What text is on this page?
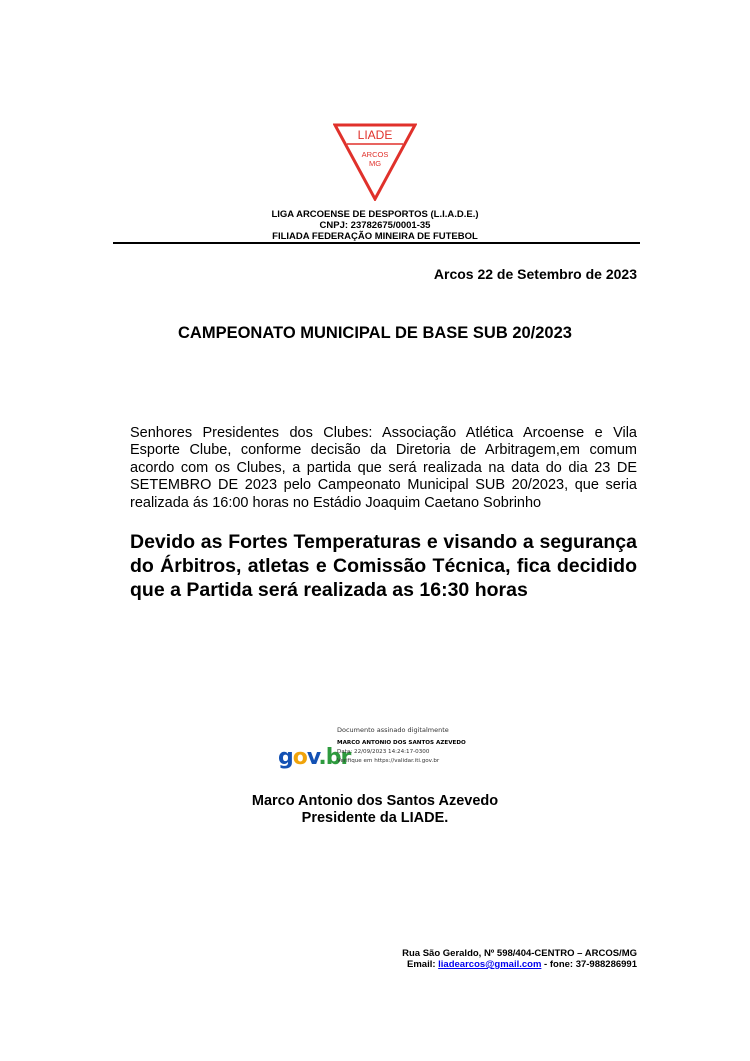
LIADE
ARCOS
MG
LIGA ARCOENSE DE DESPORTOS (L.I.A.D.E.)
CNPJ: 23782675/0001-35
FILIADA FEDERAÇÃO MINEIRA DE FUTEBOL
Arcos 22 de Setembro de 2023
CAMPEONATO MUNICIPAL DE BASE SUB 20/2023
Senhores Presidentes dos Clubes: Associação Atlética Arcoense e Vila Esporte Clube, conforme decisão da Diretoria de Arbitragem,em comum acordo com os Clubes, a partida que será realizada na data do dia 23 DE SETEMBRO DE 2023 pelo Campeonato Municipal SUB 20/2023, que seria realizada ás 16:00 horas no Estádio Joaquim Caetano Sobrinho
Devido as Fortes Temperaturas e visando a segurança do Árbitros, atletas e Comissão Técnica, fica decidido que a Partida será realizada as 16:30 horas
gov.br
Documento assinado digitalmente
MARCO ANTONIO DOS SANTOS AZEVEDO
Data: 22/09/2023 14:24:17-0300
Verifique em https://validar.iti.gov.br
Marco Antonio dos Santos Azevedo
Presidente da LIADE.
Rua São Geraldo, Nº 598/404-CENTRO – ARCOS/MG
Email: liadearcos@gmail.com - fone: 37-988286991
